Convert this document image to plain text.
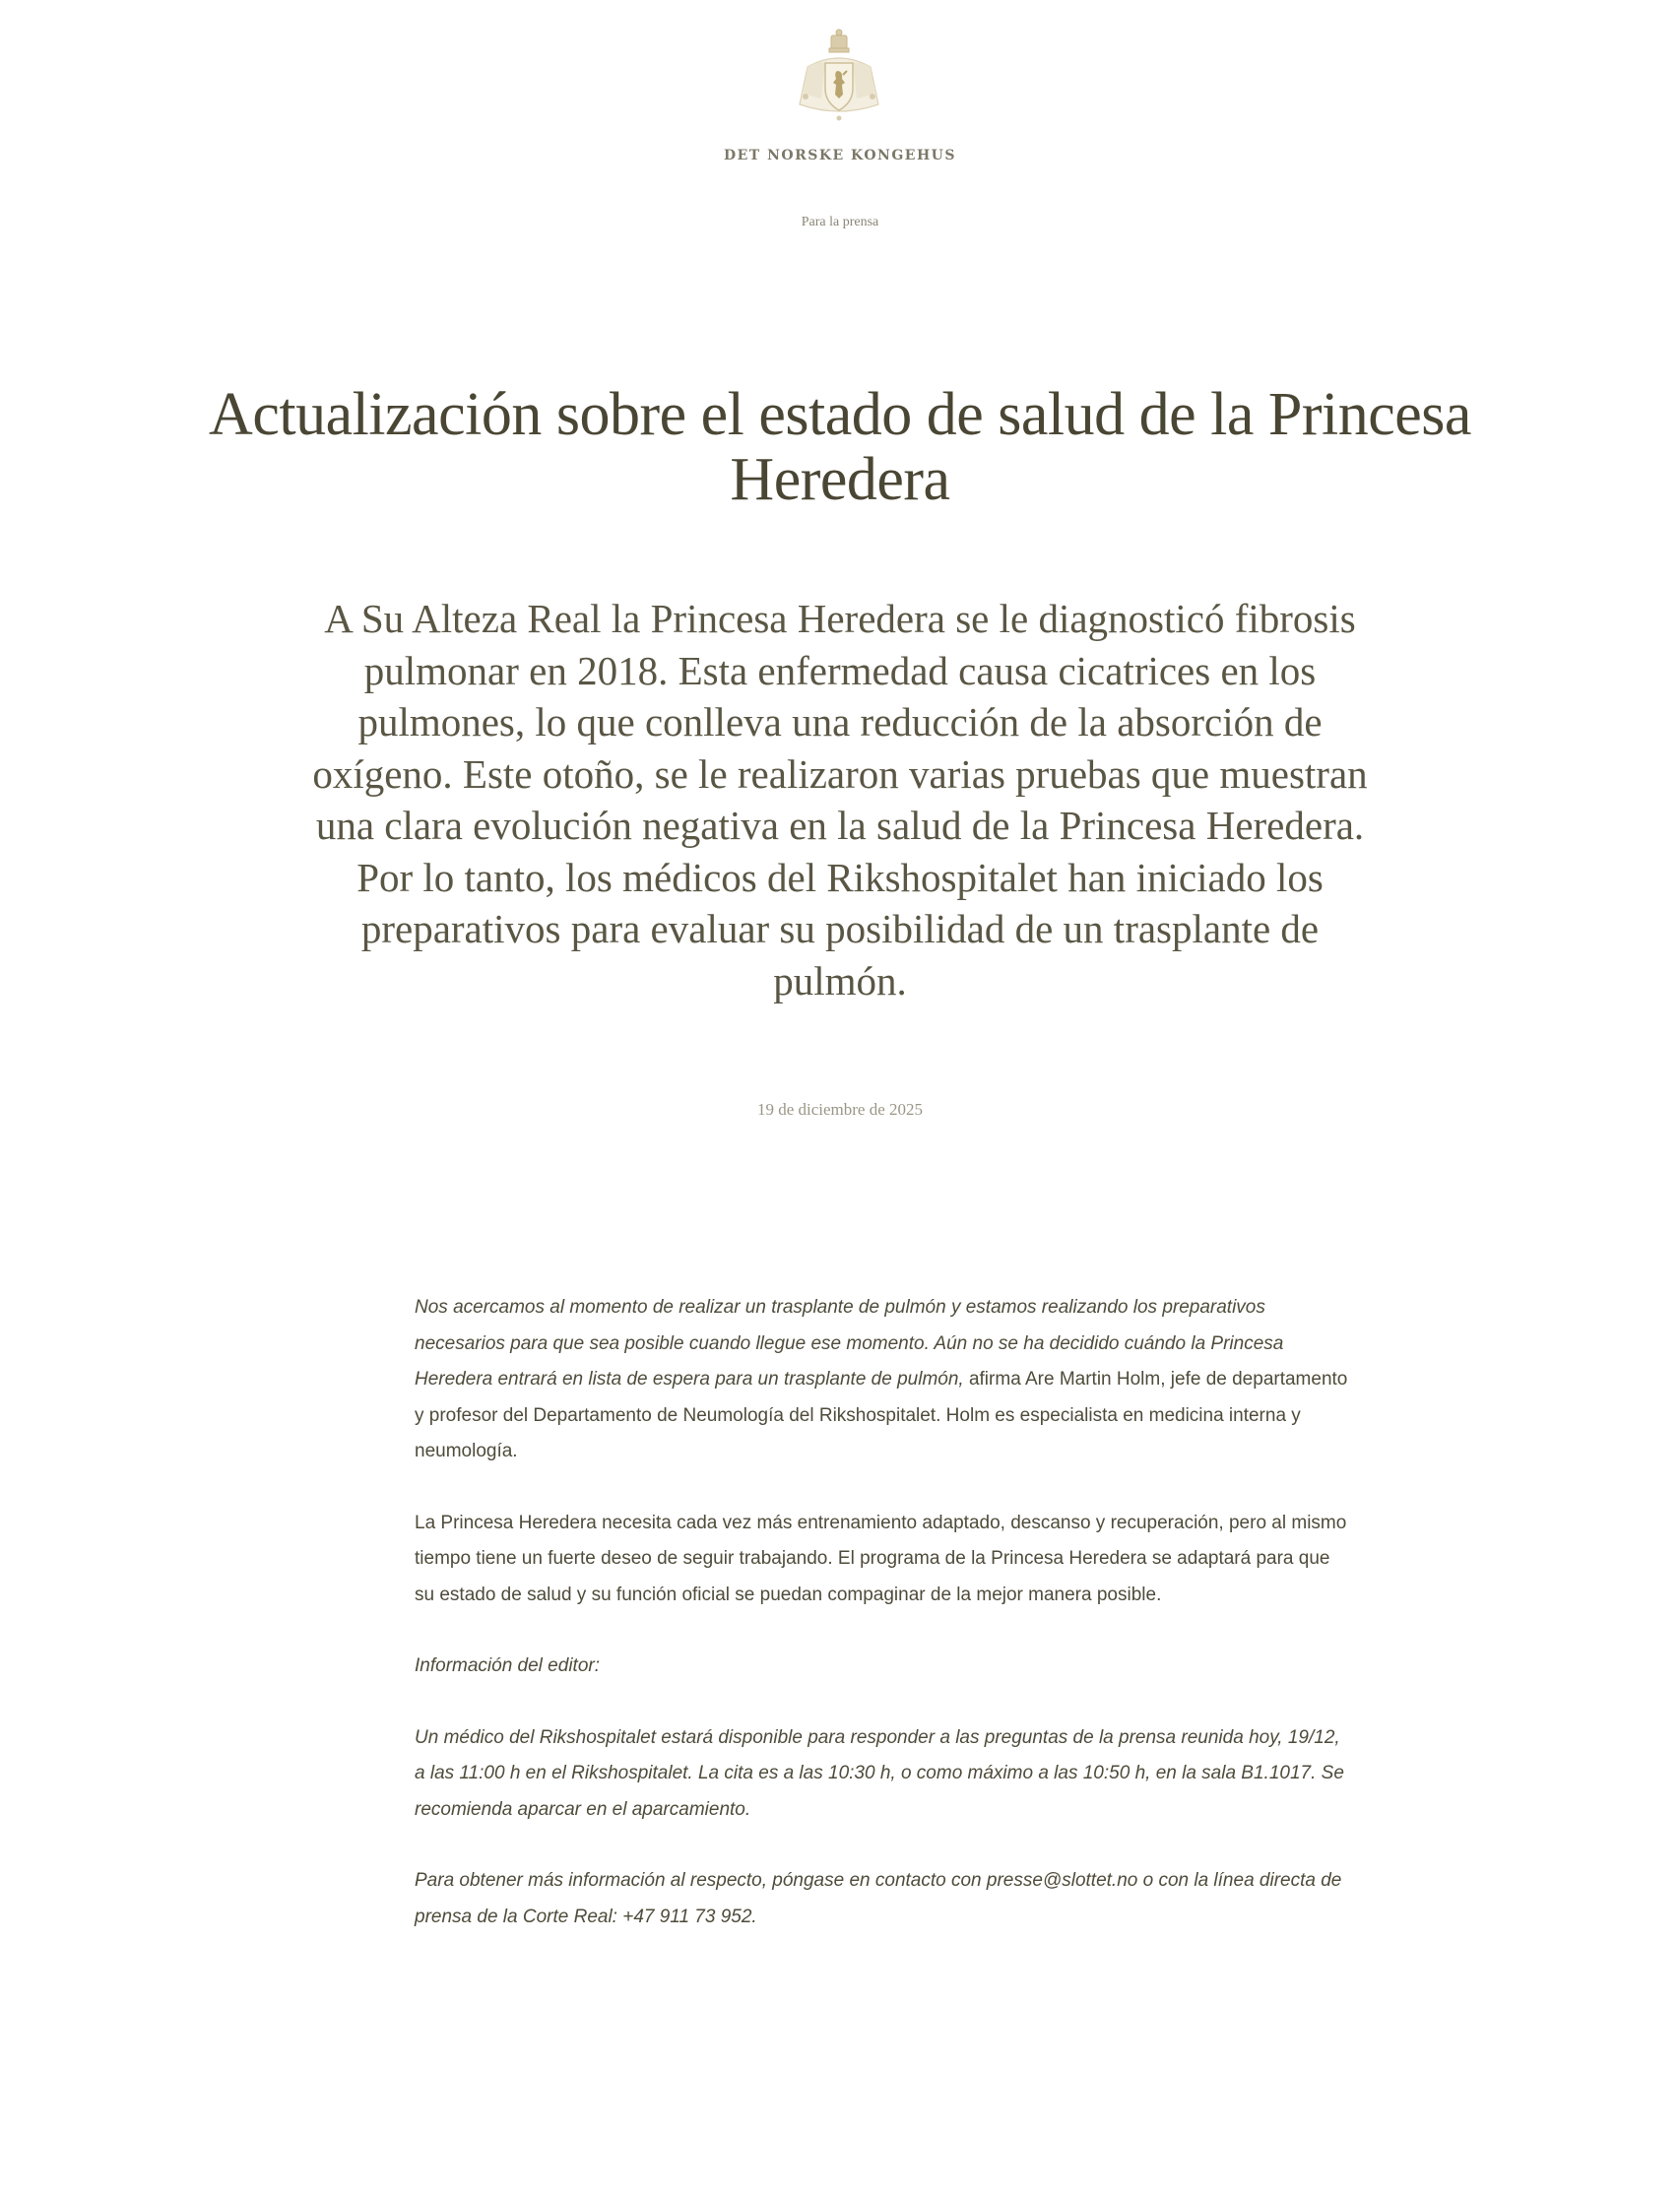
DET NORSKE KONGEHUS
Para la prensa
Actualización sobre el estado de salud de la Princesa Heredera

A Su Alteza Real la Princesa Heredera se le diagnosticó fibrosis pulmonar en 2018. Esta enfermedad causa cicatrices en los pulmones, lo que conlleva una reducción de la absorción de oxígeno. Este otoño, se le realizaron varias pruebas que muestran una clara evolución negativa en la salud de la Princesa Heredera. Por lo tanto, los médicos del Rikshospitalet han iniciado los preparativos para evaluar su posibilidad de un trasplante de pulmón.

19 de diciembre de 2025

Nos acercamos al momento de realizar un trasplante de pulmón y estamos realizando los preparativos necesarios para que sea posible cuando llegue ese momento. Aún no se ha decidido cuándo la Princesa Heredera entrará en lista de espera para un trasplante de pulmón, afirma Are Martin Holm, jefe de departamento y profesor del Departamento de Neumología del Rikshospitalet. Holm es especialista en medicina interna y neumología.

La Princesa Heredera necesita cada vez más entrenamiento adaptado, descanso y recuperación, pero al mismo tiempo tiene un fuerte deseo de seguir trabajando. El programa de la Princesa Heredera se adaptará para que su estado de salud y su función oficial se puedan compaginar de la mejor manera posible.

Información del editor:

Un médico del Rikshospitalet estará disponible para responder a las preguntas de la prensa reunida hoy, 19/12, a las 11:00 h en el Rikshospitalet. La cita es a las 10:30 h, o como máximo a las 10:50 h, en la sala B1.1017. Se recomienda aparcar en el aparcamiento.

Para obtener más información al respecto, póngase en contacto con presse@slottet.no o con la línea directa de prensa de la Corte Real: +47 911 73 952.
